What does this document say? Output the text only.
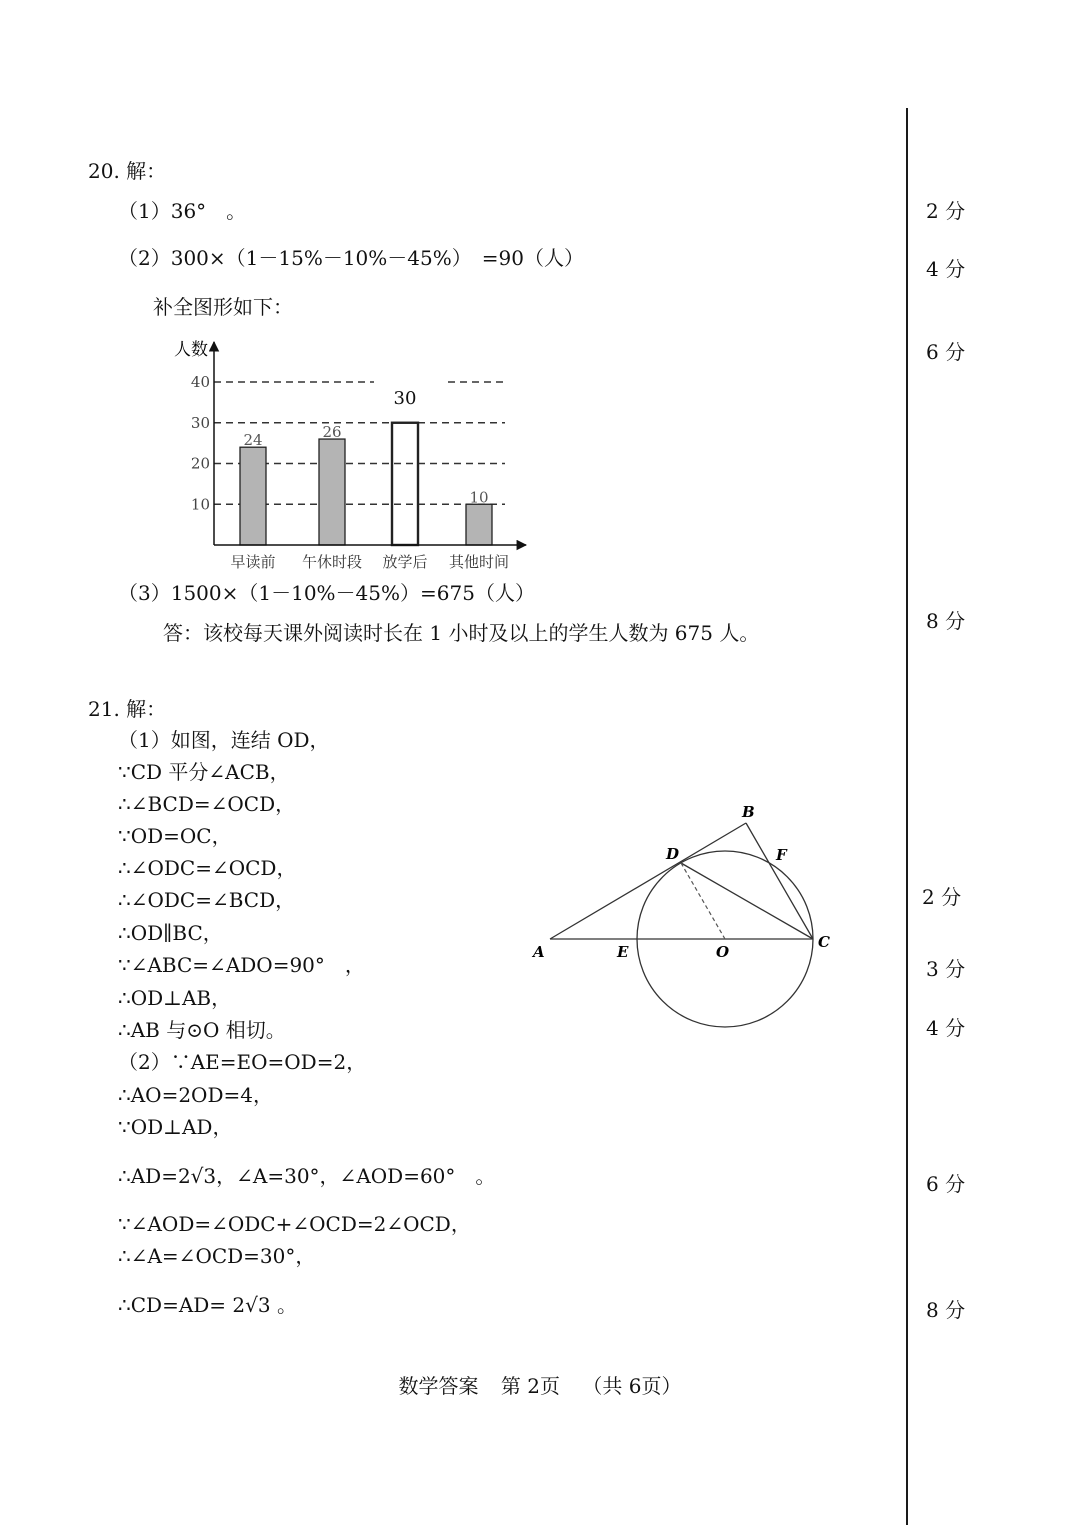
20. 解：
（1）36°　。
（2）300×（1－15%－10%－45%）　=90（人）
补全图形如下：
人数
10
20
30
40
早读前 午休时段 放学后 其他时间
24	26
30
10
（3）1500×（1－10%－45%）=675（人）
答：该校每天课外阅读时长在 1 小时及以上的学生人数为 675 人。
21. 解：
（1）如图，连结 OD，
∵CD 平分∠ACB，
∴∠BCD=∠OCD，
∵OD=OC，
∴∠ODC=∠OCD，
∴∠ODC=∠BCD，
∴OD∥BC，
∵∠ABC=∠ADO=90°　，
∴OD⊥AB，
∴AB 与⊙O 相切。
（2）∵AE=EO=OD=2，
∴AO=2OD=4，
∵OD⊥AD，
∴AD=2√3，∠A=30°，∠AOD=60°　。
∵∠AOD=∠ODC+∠OCD=2∠OCD，
∴∠A=∠OCD=30°，
∴CD=AD= 2√3 。
A
B
C
D
E
F
O
2 分
4 分
6 分
8 分
2 分
3 分
4 分
6 分
8 分
数学答案 第 2页 （共 6页）
